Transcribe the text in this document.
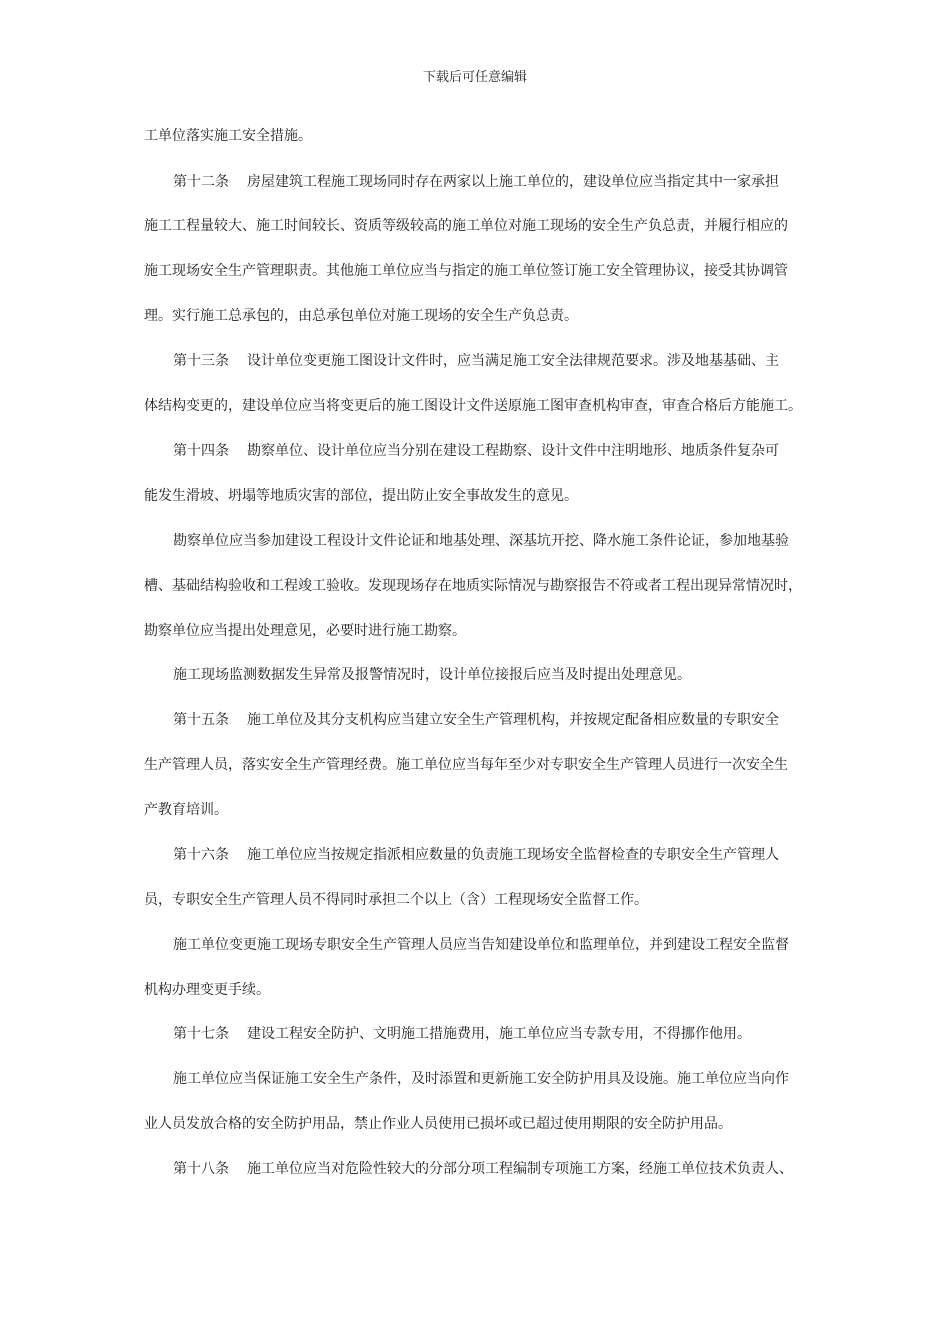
下载后可任意编辑
工单位落实施工安全措施。
第十二条 房屋建筑工程施工现场同时存在两家以上施工单位的，建设单位应当指定其中一家承担
施工工程量较大、施工时间较长、资质等级较高的施工单位对施工现场的安全生产负总责，并履行相应的
施工现场安全生产管理职责。其他施工单位应当与指定的施工单位签订施工安全管理协议，接受其协调管
理。实行施工总承包的，由总承包单位对施工现场的安全生产负总责。
第十三条 设计单位变更施工图设计文件时，应当满足施工安全法律规范要求。涉及地基基础、主
体结构变更的，建设单位应当将变更后的施工图设计文件送原施工图审查机构审查，审查合格后方能施工。
第十四条 勘察单位、设计单位应当分别在建设工程勘察、设计文件中注明地形、地质条件复杂可
能发生滑坡、坍塌等地质灾害的部位，提出防止安全事故发生的意见。
勘察单位应当参加建设工程设计文件论证和地基处理、深基坑开挖、降水施工条件论证，参加地基验
槽、基础结构验收和工程竣工验收。发现现场存在地质实际情况与勘察报告不符或者工程出现异常情况时，
勘察单位应当提出处理意见，必要时进行施工勘察。
施工现场监测数据发生异常及报警情况时，设计单位接报后应当及时提出处理意见。
第十五条 施工单位及其分支机构应当建立安全生产管理机构，并按规定配备相应数量的专职安全
生产管理人员，落实安全生产管理经费。施工单位应当每年至少对专职安全生产管理人员进行一次安全生
产教育培训。
第十六条 施工单位应当按规定指派相应数量的负责施工现场安全监督检查的专职安全生产管理人
员，专职安全生产管理人员不得同时承担二个以上（含）工程现场安全监督工作。
施工单位变更施工现场专职安全生产管理人员应当告知建设单位和监理单位，并到建设工程安全监督
机构办理变更手续。
第十七条 建设工程安全防护、文明施工措施费用，施工单位应当专款专用，不得挪作他用。
施工单位应当保证施工安全生产条件，及时添置和更新施工安全防护用具及设施。施工单位应当向作
业人员发放合格的安全防护用品，禁止作业人员使用已损坏或已超过使用期限的安全防护用品。
第十八条 施工单位应当对危险性较大的分部分项工程编制专项施工方案，经施工单位技术负责人、
